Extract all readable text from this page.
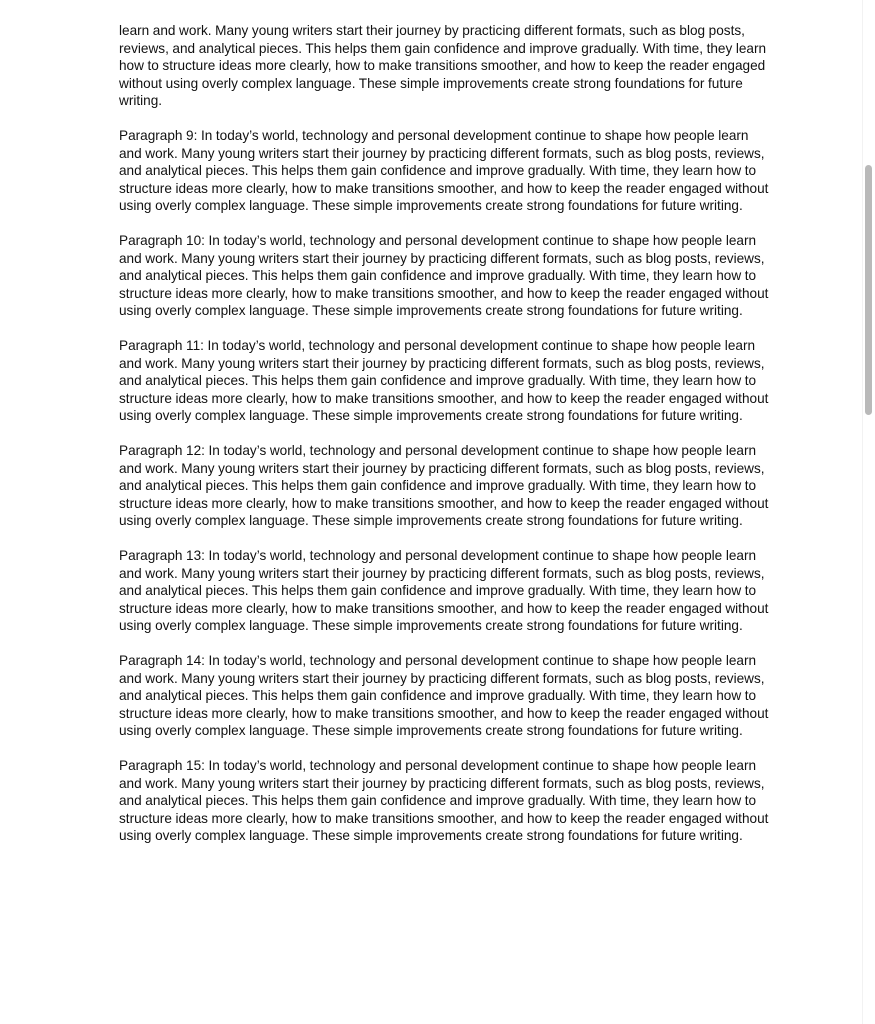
learn and work. Many young writers start their journey by practicing different formats, such as blog posts, reviews, and analytical pieces. This helps them gain confidence and improve gradually. With time, they learn how to structure ideas more clearly, how to make transitions smoother, and how to keep the reader engaged without using overly complex language. These simple improvements create strong foundations for future writing.

Paragraph 9: In today’s world, technology and personal development continue to shape how people learn and work. Many young writers start their journey by practicing different formats, such as blog posts, reviews, and analytical pieces. This helps them gain confidence and improve gradually. With time, they learn how to structure ideas more clearly, how to make transitions smoother, and how to keep the reader engaged without using overly complex language. These simple improvements create strong foundations for future writing.

Paragraph 10: In today’s world, technology and personal development continue to shape how people learn and work. Many young writers start their journey by practicing different formats, such as blog posts, reviews, and analytical pieces. This helps them gain confidence and improve gradually. With time, they learn how to structure ideas more clearly, how to make transitions smoother, and how to keep the reader engaged without using overly complex language. These simple improvements create strong foundations for future writing.

Paragraph 11: In today’s world, technology and personal development continue to shape how people learn and work. Many young writers start their journey by practicing different formats, such as blog posts, reviews, and analytical pieces. This helps them gain confidence and improve gradually. With time, they learn how to structure ideas more clearly, how to make transitions smoother, and how to keep the reader engaged without using overly complex language. These simple improvements create strong foundations for future writing.

Paragraph 12: In today’s world, technology and personal development continue to shape how people learn and work. Many young writers start their journey by practicing different formats, such as blog posts, reviews, and analytical pieces. This helps them gain confidence and improve gradually. With time, they learn how to structure ideas more clearly, how to make transitions smoother, and how to keep the reader engaged without using overly complex language. These simple improvements create strong foundations for future writing.

Paragraph 13: In today’s world, technology and personal development continue to shape how people learn and work. Many young writers start their journey by practicing different formats, such as blog posts, reviews, and analytical pieces. This helps them gain confidence and improve gradually. With time, they learn how to structure ideas more clearly, how to make transitions smoother, and how to keep the reader engaged without using overly complex language. These simple improvements create strong foundations for future writing.

Paragraph 14: In today’s world, technology and personal development continue to shape how people learn and work. Many young writers start their journey by practicing different formats, such as blog posts, reviews, and analytical pieces. This helps them gain confidence and improve gradually. With time, they learn how to structure ideas more clearly, how to make transitions smoother, and how to keep the reader engaged without using overly complex language. These simple improvements create strong foundations for future writing.

Paragraph 15: In today’s world, technology and personal development continue to shape how people learn and work. Many young writers start their journey by practicing different formats, such as blog posts, reviews, and analytical pieces. This helps them gain confidence and improve gradually. With time, they learn how to structure ideas more clearly, how to make transitions smoother, and how to keep the reader engaged without using overly complex language. These simple improvements create strong foundations for future writing.
